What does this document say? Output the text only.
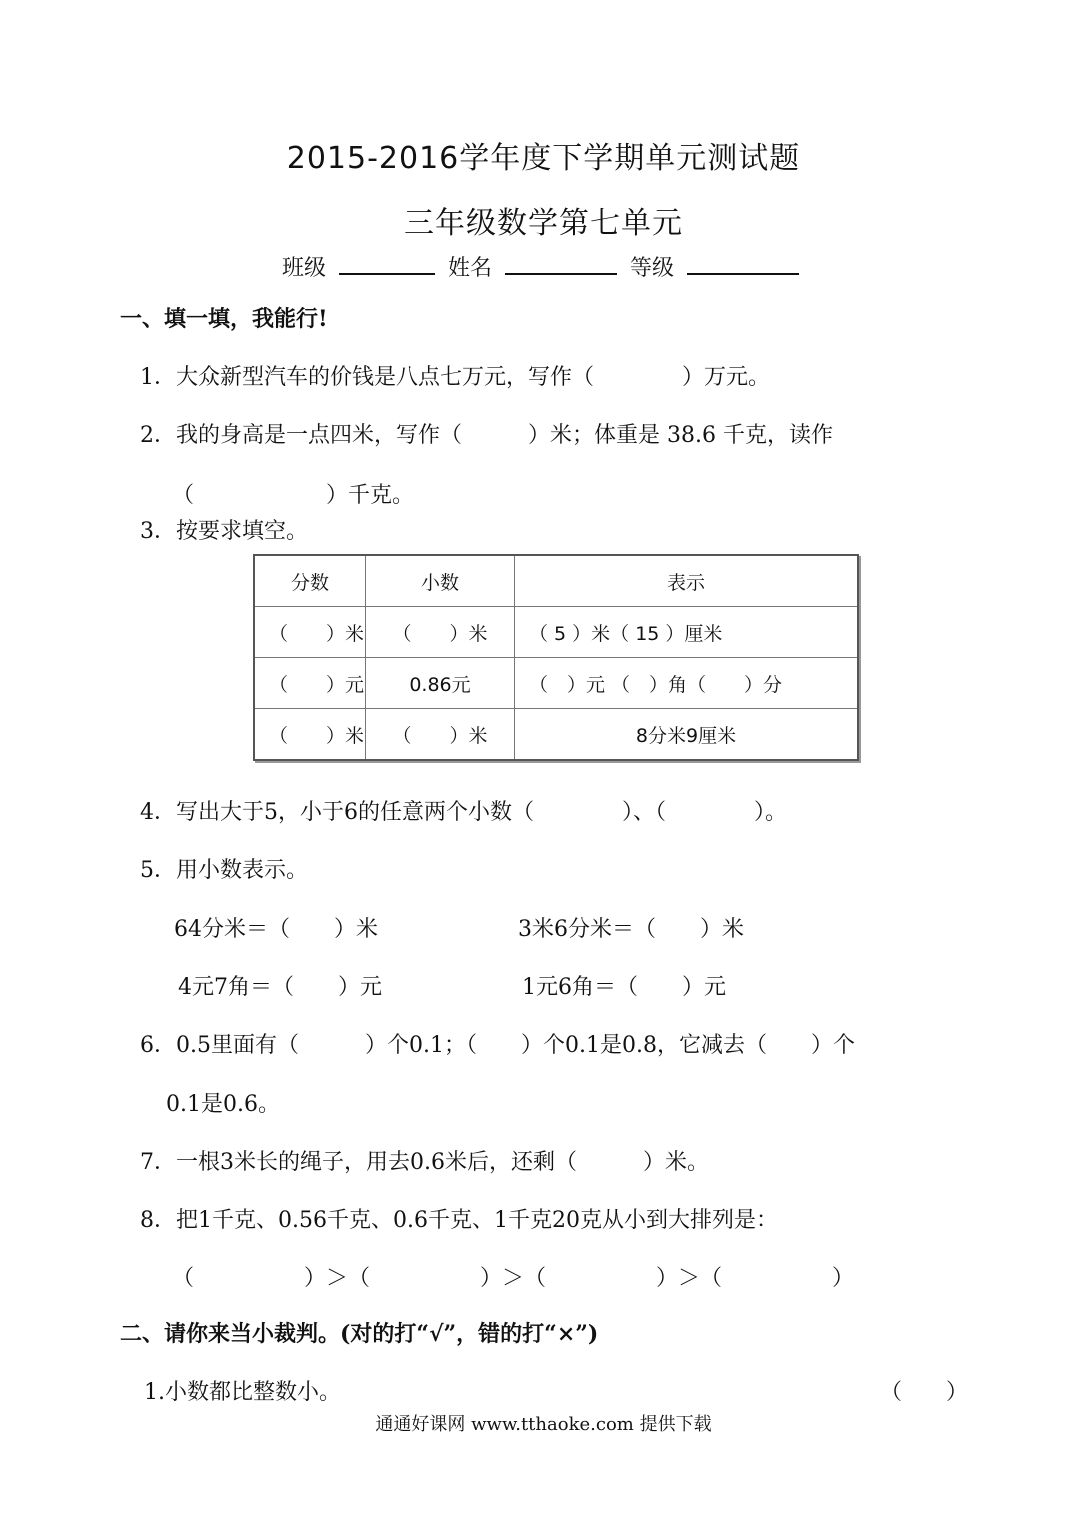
2015-2016学年度下学期单元测试题
三年级数学第七单元
班级	姓名	等级
一、填一填，我能行!
1．大众新型汽车的价钱是八点七万元，写作（　　　　）万元。
2．我的身高是一点四米，写作（　　　）米；体重是 38.6 千克，读作
（　　　　　　）千克。
3．按要求填空。
分数	小数	表示
（　　）米	（　　）米	（ 5 ）米（ 15 ）厘米
（　　）元	0.86元	（　）元 （　）角（　　）分
（　　）米	（　　）米	8分米9厘米
4．写出大于5，小于6的任意两个小数（　　　　）、（　　　　）。
5．用小数表示。
64分米＝（　　）米	3米6分米＝（　　）米
4元7角＝（　　）元	1元6角＝（　　）元
6．0.5里面有（　　　）个0.1；（　　）个0.1是0.8，它减去（　　）个
0.1是0.6。
7．一根3米长的绳子，用去0.6米后，还剩（　　　）米。
8．把1千克、0.56千克、0.6千克、1千克20克从小到大排列是：
（　　　　　）＞（　　　　　）＞（　　　　　）＞（　　　　　）
二、请你来当小裁判。(对的打“√”，错的打“×”)
1.小数都比整数小。	（　　）
通通好课网 www.tthaoke.com 提供下载
